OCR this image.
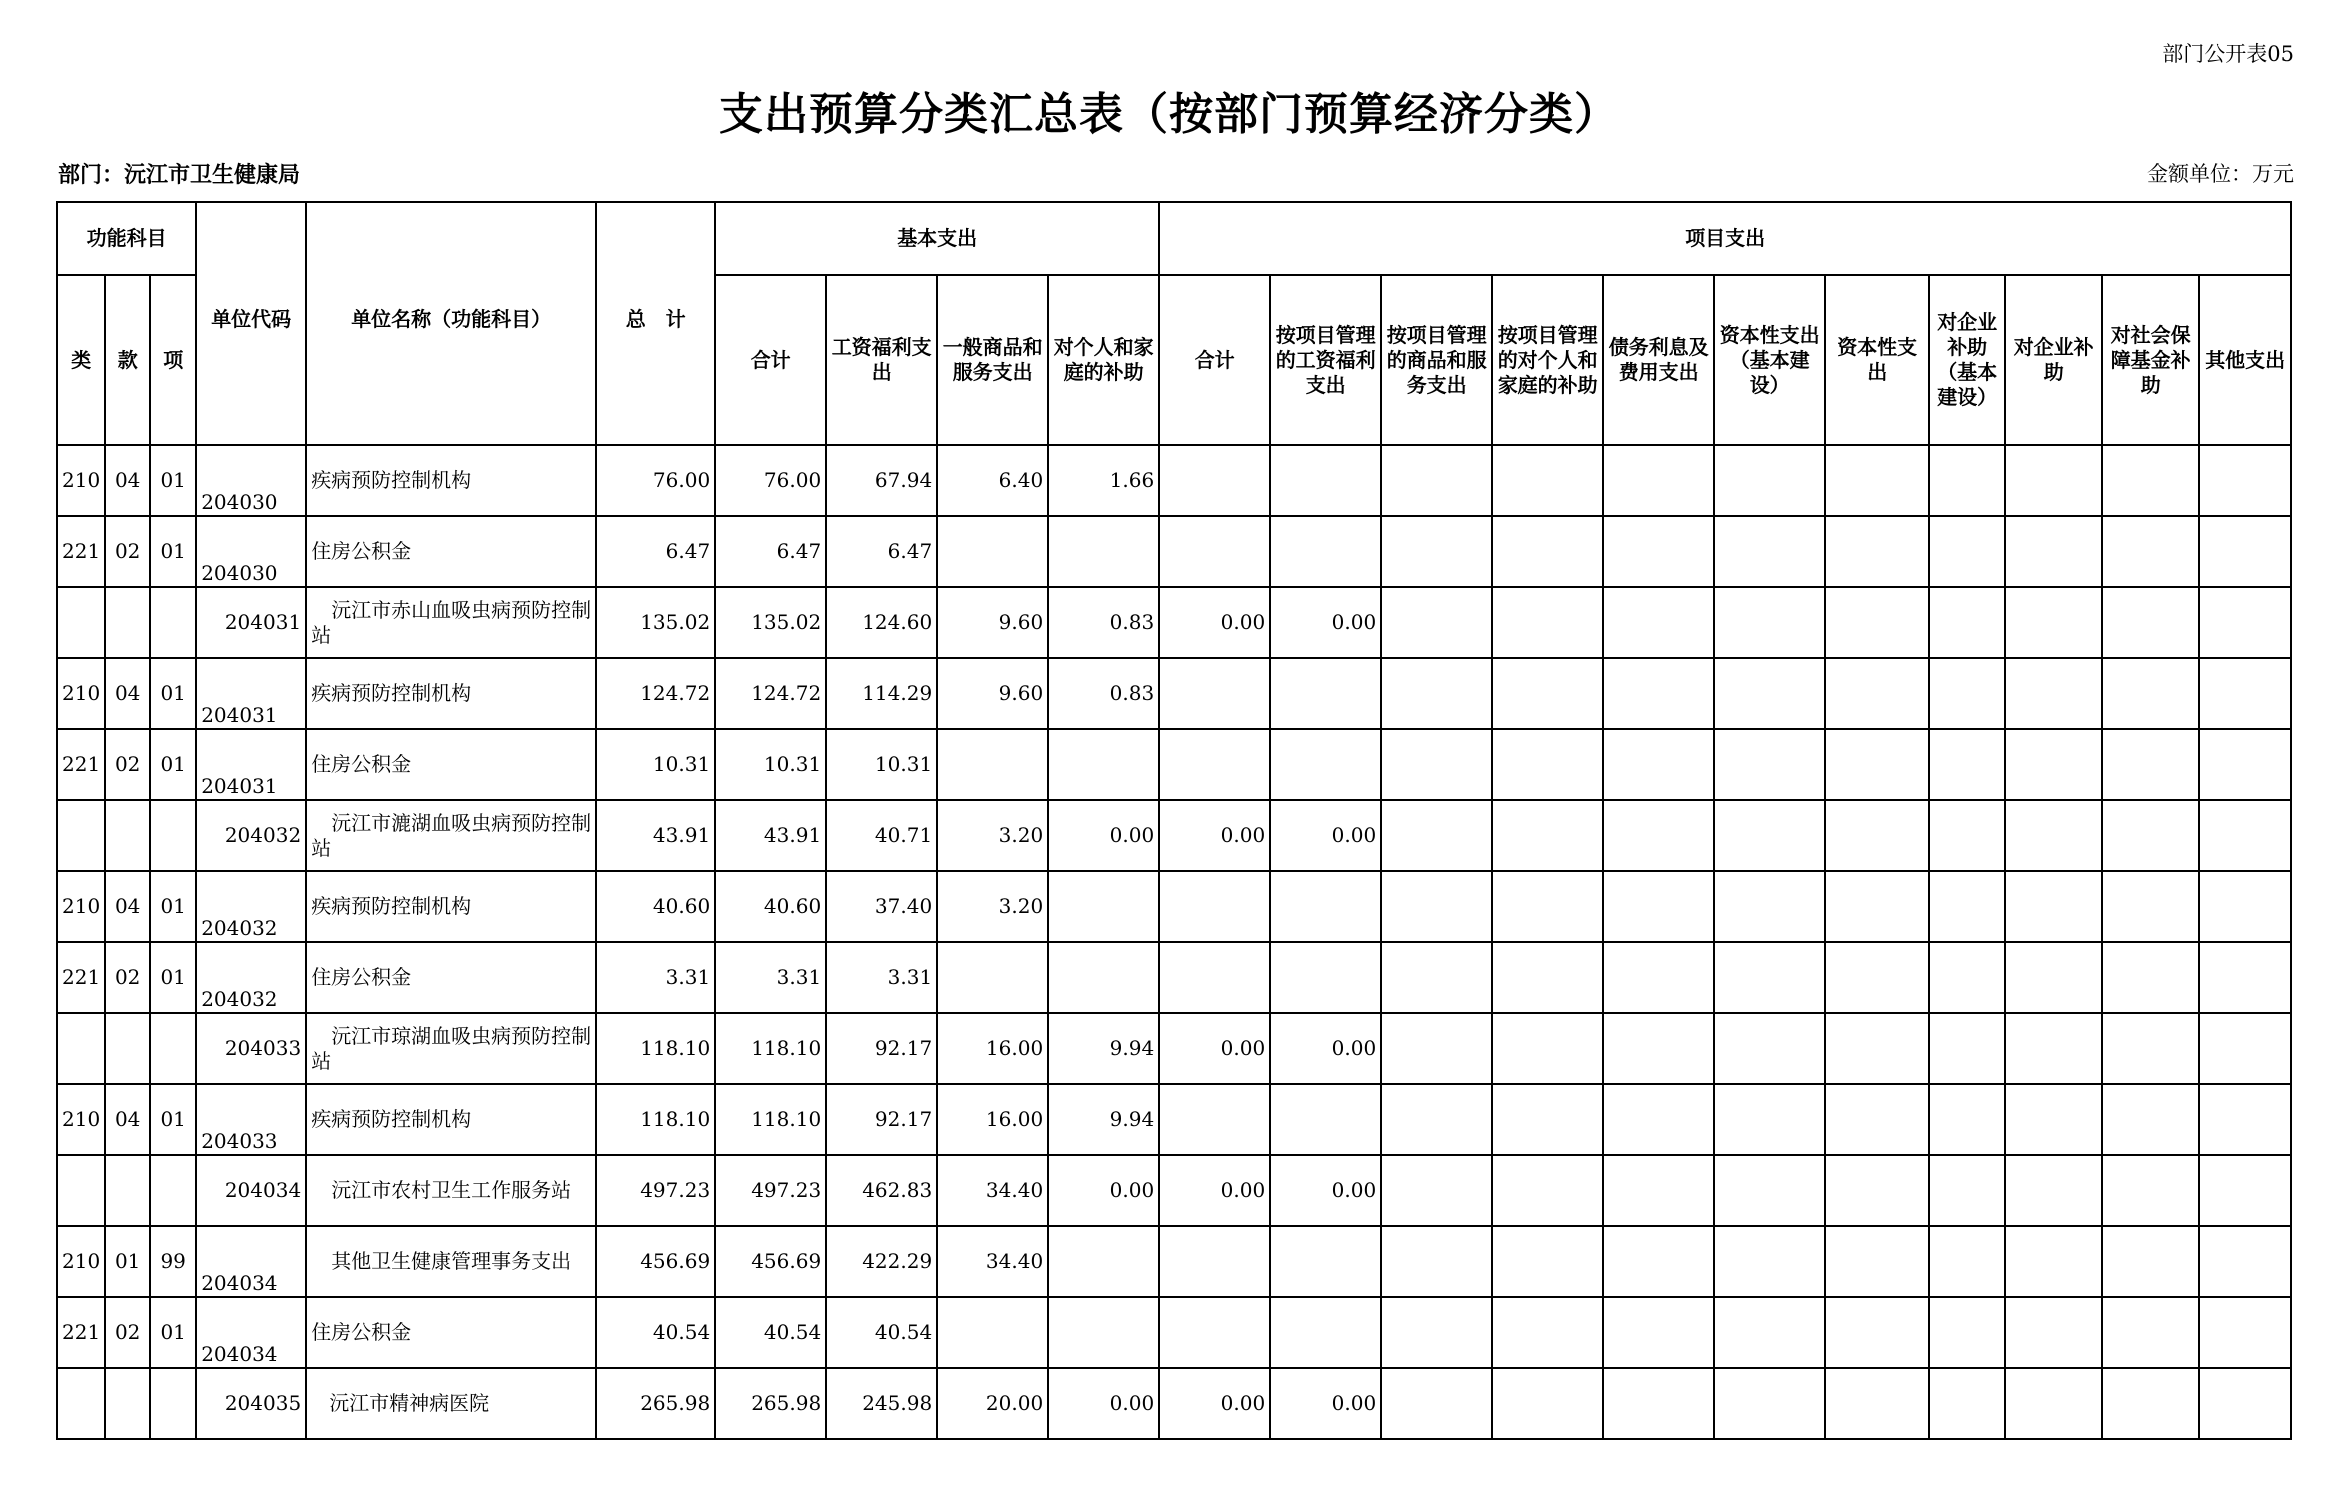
部门公开表05
支出预算分类汇总表（按部门预算经济分类）
部门：沅江市卫生健康局	金额单位：万元
功能科目			单位代码	单位名称（功能科目）	总　计	基本支出				项目支出										
类	款	项				合计	工资福利支出	一般商品和服务支出	对个人和家庭的补助	合计	按项目管理的工资福利支出	按项目管理的商品和服务支出	按项目管理的对个人和家庭的补助	债务利息及费用支出	资本性支出（基本建设）	资本性支出	对企业补助（基本建设）	对企业补助	对社会保障基金补助	其他支出
210	04	01	204030	疾病预防控制机构	76.00	76.00	67.94	6.40	1.66											
221	02	01	204030	住房公积金	6.47	6.47	6.47													
			204031	沅江市赤山血吸虫病预防控制站	135.02	135.02	124.60	9.60	0.83	0.00	0.00									
210	04	01	204031	疾病预防控制机构	124.72	124.72	114.29	9.60	0.83											
221	02	01	204031	住房公积金	10.31	10.31	10.31													
			204032	沅江市漉湖血吸虫病预防控制站	43.91	43.91	40.71	3.20	0.00	0.00	0.00									
210	04	01	204032	疾病预防控制机构	40.60	40.60	37.40	3.20												
221	02	01	204032	住房公积金	3.31	3.31	3.31													
			204033	沅江市琼湖血吸虫病预防控制站	118.10	118.10	92.17	16.00	9.94	0.00	0.00									
210	04	01	204033	疾病预防控制机构	118.10	118.10	92.17	16.00	9.94											
			204034	沅江市农村卫生工作服务站	497.23	497.23	462.83	34.40	0.00	0.00	0.00									
210	01	99	204034	其他卫生健康管理事务支出	456.69	456.69	422.29	34.40												
221	02	01	204034	住房公积金	40.54	40.54	40.54													
			204035	沅江市精神病医院	265.98	265.98	245.98	20.00	0.00	0.00	0.00									
